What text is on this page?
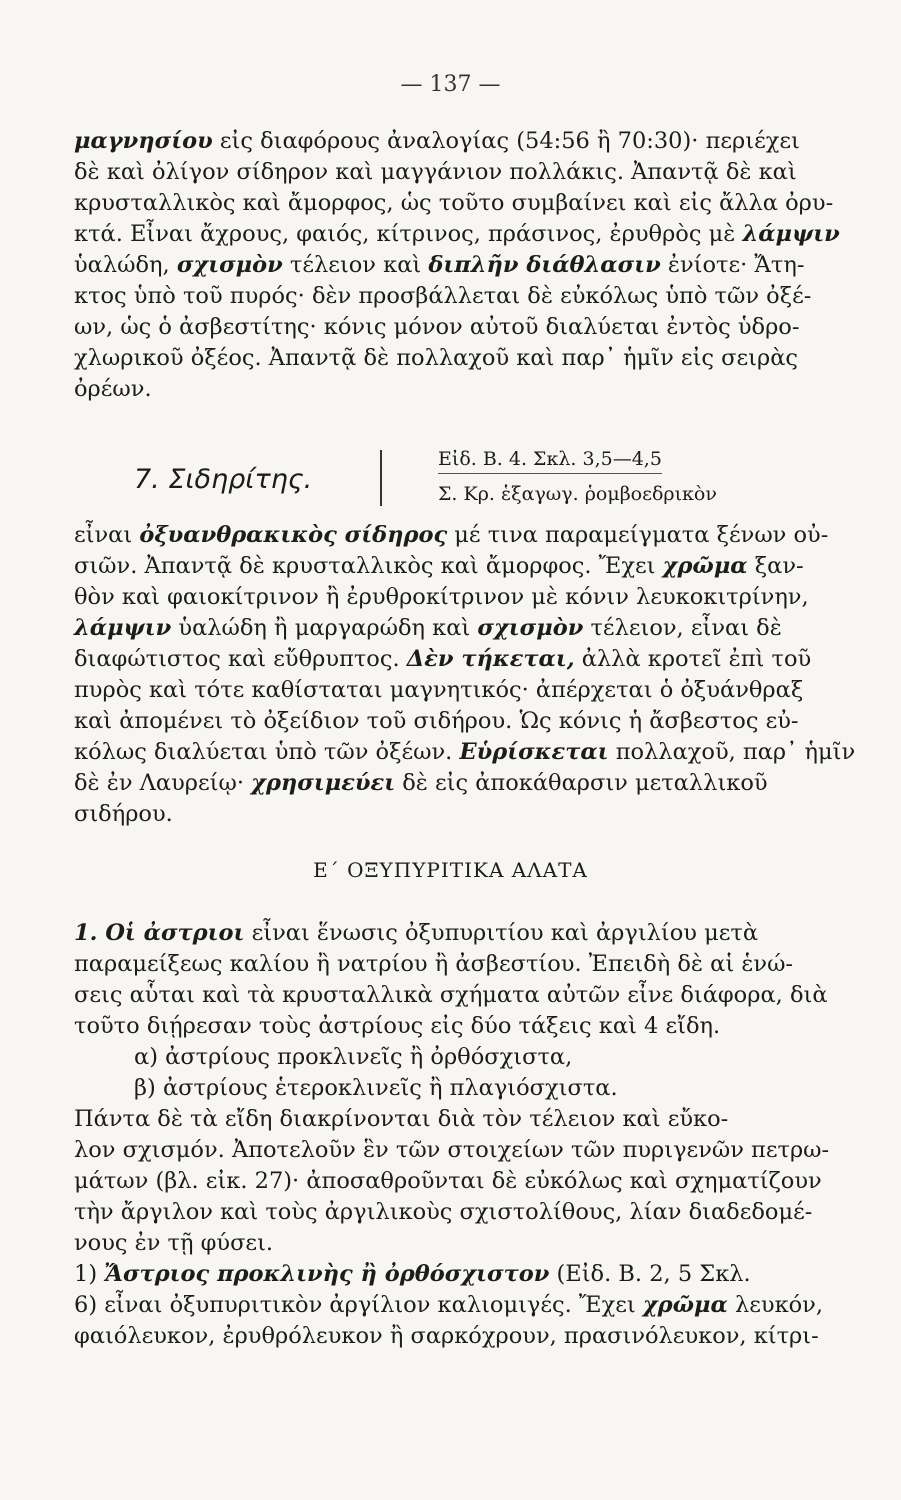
— 137 —
μαγνησίου εἰς διαφόρους ἀναλογίας (54:56 ἢ 70:30)· περιέχει
δὲ καὶ ὀλίγον σίδηρον καὶ μαγγάνιον πολλάκις. Ἀπαντᾷ δὲ καὶ
κρυσταλλικὸς καὶ ἄμορφος, ὡς τοῦτο συμβαίνει καὶ εἰς ἄλλα ὀρυ-
κτά. Εἶναι ἄχρους, φαιός, κίτρινος, πράσινος, ἐρυθρὸς μὲ λάμψιν
ὑαλώδη, σχισμὸν τέλειον καὶ διπλῆν διάθλασιν ἐνίοτε· Ἄτη-
κτος ὑπὸ τοῦ πυρός· δὲν προσβάλλεται δὲ εὐκόλως ὑπὸ τῶν ὀξέ-
ων, ὡς ὁ ἀσβεστίτης· κόνις μόνον αὐτοῦ διαλύεται ἐντὸς ὑδρο-
χλωρικοῦ ὀξέος. Ἀπαντᾷ δὲ πολλαχοῦ καὶ παρ᾽ ἡμῖν εἰς σειρὰς
ὀρέων.
7. Σιδηρίτης.
Εἰδ. Β. 4. Σκλ. 3,5—4,5
Σ. Κρ. ἑξαγωγ. ῥομβοεδρικὸν
εἶναι ὀξυανθρακικὸς σίδηρος μέ τινα παραμείγματα ξένων οὐ-
σιῶν. Ἀπαντᾷ δὲ κρυσταλλικὸς καὶ ἄμορφος. Ἔχει χρῶμα ξαν-
θὸν καὶ φαιοκίτρινον ἢ ἐρυθροκίτρινον μὲ κόνιν λευκοκιτρίνην,
λάμψιν ὑαλώδη ἢ μαργαρώδη καὶ σχισμὸν τέλειον, εἶναι δὲ
διαφώτιστος καὶ εὔθρυπτος. Δὲν τήκεται, ἀλλὰ κροτεῖ ἐπὶ τοῦ
πυρὸς καὶ τότε καθίσταται μαγνητικός· ἀπέρχεται ὁ ὀξυάνθραξ
καὶ ἀπομένει τὸ ὀξείδιον τοῦ σιδήρου. Ὡς κόνις ἡ ἄσβεστος εὐ-
κόλως διαλύεται ὑπὸ τῶν ὀξέων. Εὑρίσκεται πολλαχοῦ, παρ᾽ ἡμῖν
δὲ ἐν Λαυρείῳ· χρησιμεύει δὲ εἰς ἀποκάθαρσιν μεταλλικοῦ
σιδήρου.
Ε΄ ΟΞΥΠΥΡΙΤΙΚΑ ΑΛΑΤΑ
1. Οἱ ἀστριοι εἶναι ἕνωσις ὀξυπυριτίου καὶ ἀργιλίου μετὰ
παραμείξεως καλίου ἢ νατρίου ἢ ἀσβεστίου. Ἐπειδὴ δὲ αἱ ἑνώ-
σεις αὗται καὶ τὰ κρυσταλλικὰ σχήματα αὐτῶν εἶνε διάφορα, διὰ
τοῦτο διῄρεσαν τοὺς ἀστρίους εἰς δύο τάξεις καὶ 4 εἴδη.
α) ἀστρίους προκλινεῖς ἢ ὀρθόσχιστα,
β) ἀστρίους ἑτεροκλινεῖς ἢ πλαγιόσχιστα.
Πάντα δὲ τὰ εἴδη διακρίνονται διὰ τὸν τέλειον καὶ εὔκο-
λον σχισμόν. Ἀποτελοῦν ἓν τῶν στοιχείων τῶν πυριγενῶν πετρω-
μάτων (βλ. εἰκ. 27)· ἀποσαθροῦνται δὲ εὐκόλως καὶ σχηματίζουν
τὴν ἄργιλον καὶ τοὺς ἀργιλικοὺς σχιστολίθους, λίαν διαδεδομέ-
νους ἐν τῇ φύσει.
1) Ἄστριος προκλινὴς ἢ ὀρθόσχιστον (Εἰδ. Β. 2, 5 Σκλ.
6) εἶναι ὀξυπυριτικὸν ἀργίλιον καλιομιγές. Ἔχει χρῶμα λευκόν,
φαιόλευκον, ἐρυθρόλευκον ἢ σαρκόχρουν, πρασινόλευκον, κίτρι-
